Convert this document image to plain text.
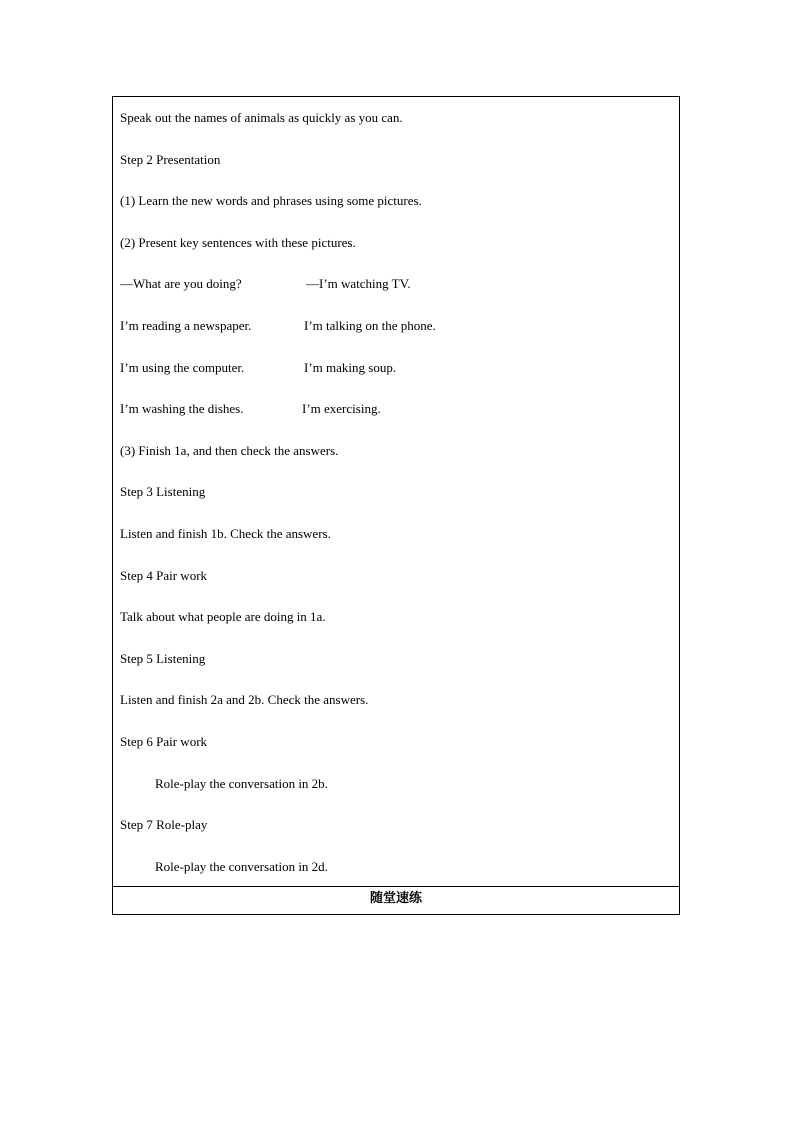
Speak out the names of animals as quickly as you can.
Step 2 Presentation
(1) Learn the new words and phrases using some pictures.
(2) Present key sentences with these pictures.
—What are you doing?	—I’m watching TV.
I’m reading a newspaper.	I’m talking on the phone.
I’m using the computer.	I’m making soup.
I’m washing the dishes.	I’m exercising.
(3) Finish 1a, and then check the answers.
Step 3 Listening
Listen and finish 1b. Check the answers.
Step 4 Pair work
Talk about what people are doing in 1a.
Step 5 Listening
Listen and finish 2a and 2b. Check the answers.
Step 6 Pair work
Role-play the conversation in 2b.
Step 7 Role-play
Role-play the conversation in 2d.
随堂速练
